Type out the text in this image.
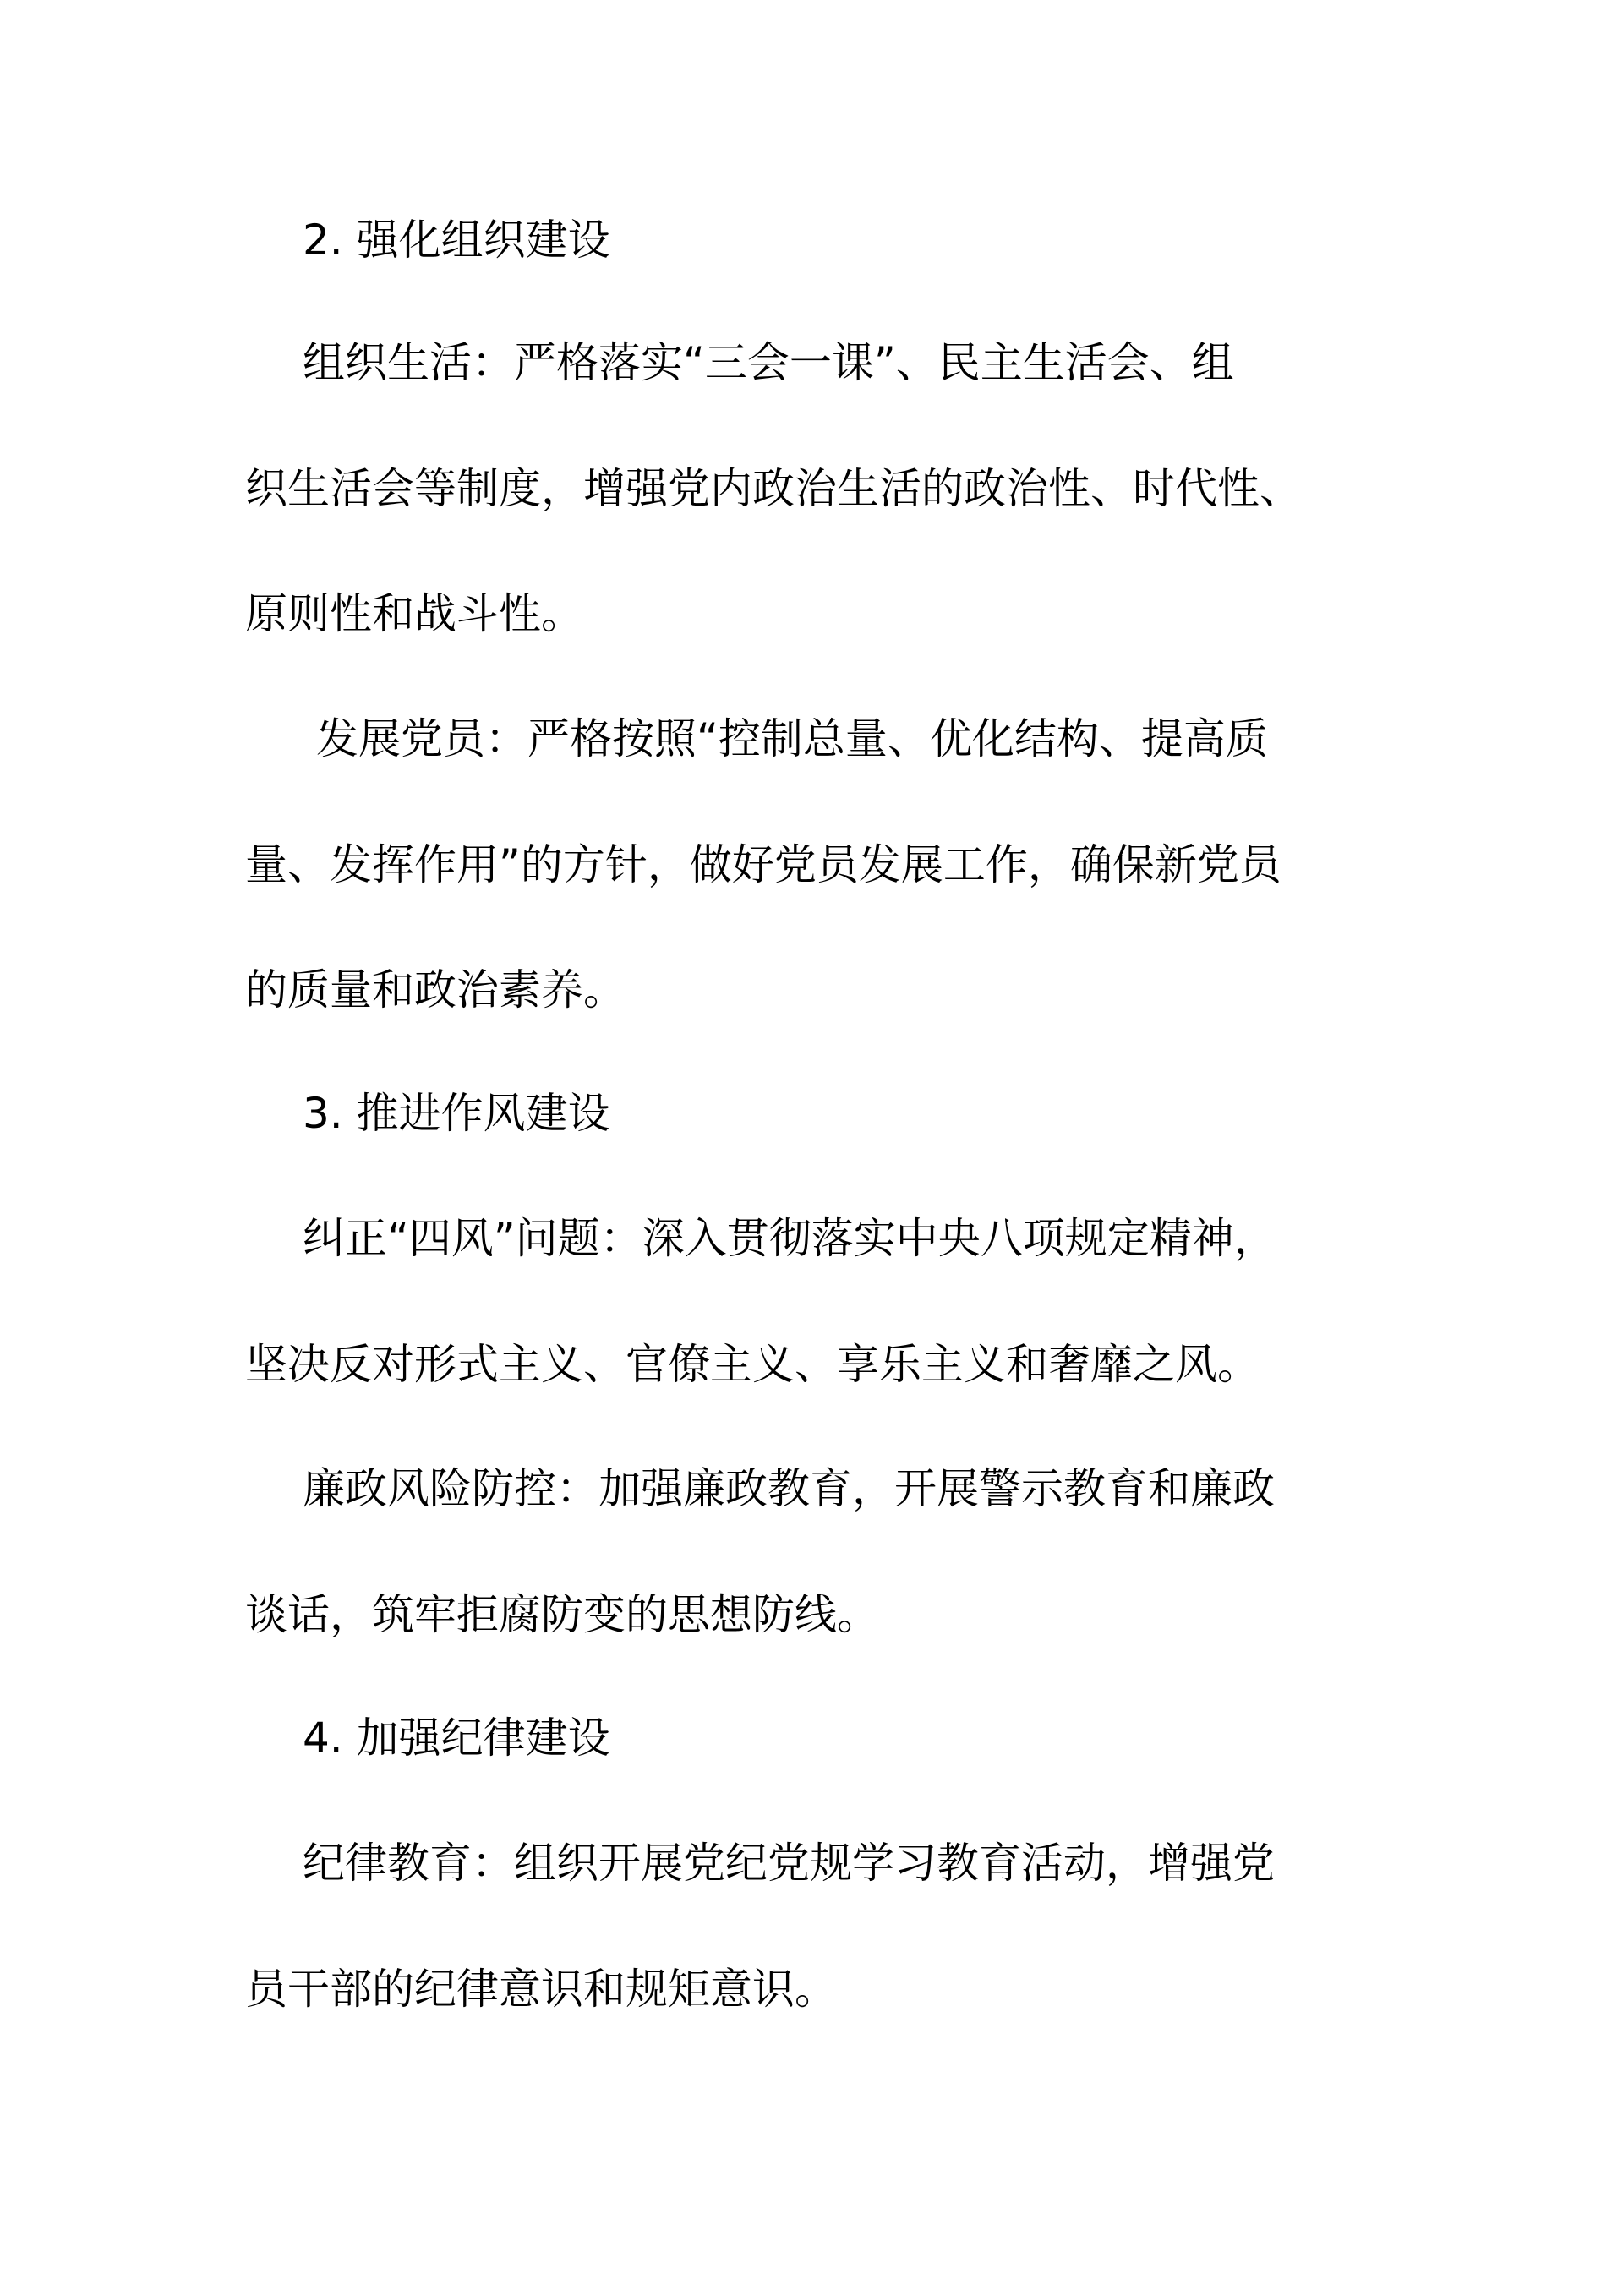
2. 强化组织建设
组织生活：严格落实“三会一课”、民主生活会、组
织生活会等制度，增强党内政治生活的政治性、时代性、
原则性和战斗性。
发展党员：严格按照“控制总量、优化结构、提高质
量、发挥作用”的方针，做好党员发展工作，确保新党员
的质量和政治素养。
3. 推进作风建设
纠正“四风”问题：深入贯彻落实中央八项规定精神，
坚决反对形式主义、官僚主义、享乐主义和奢靡之风。
廉政风险防控：加强廉政教育，开展警示教育和廉政
谈话，筑牢拒腐防变的思想防线。
4. 加强纪律建设
纪律教育：组织开展党纪党规学习教育活动，增强党
员干部的纪律意识和规矩意识。
